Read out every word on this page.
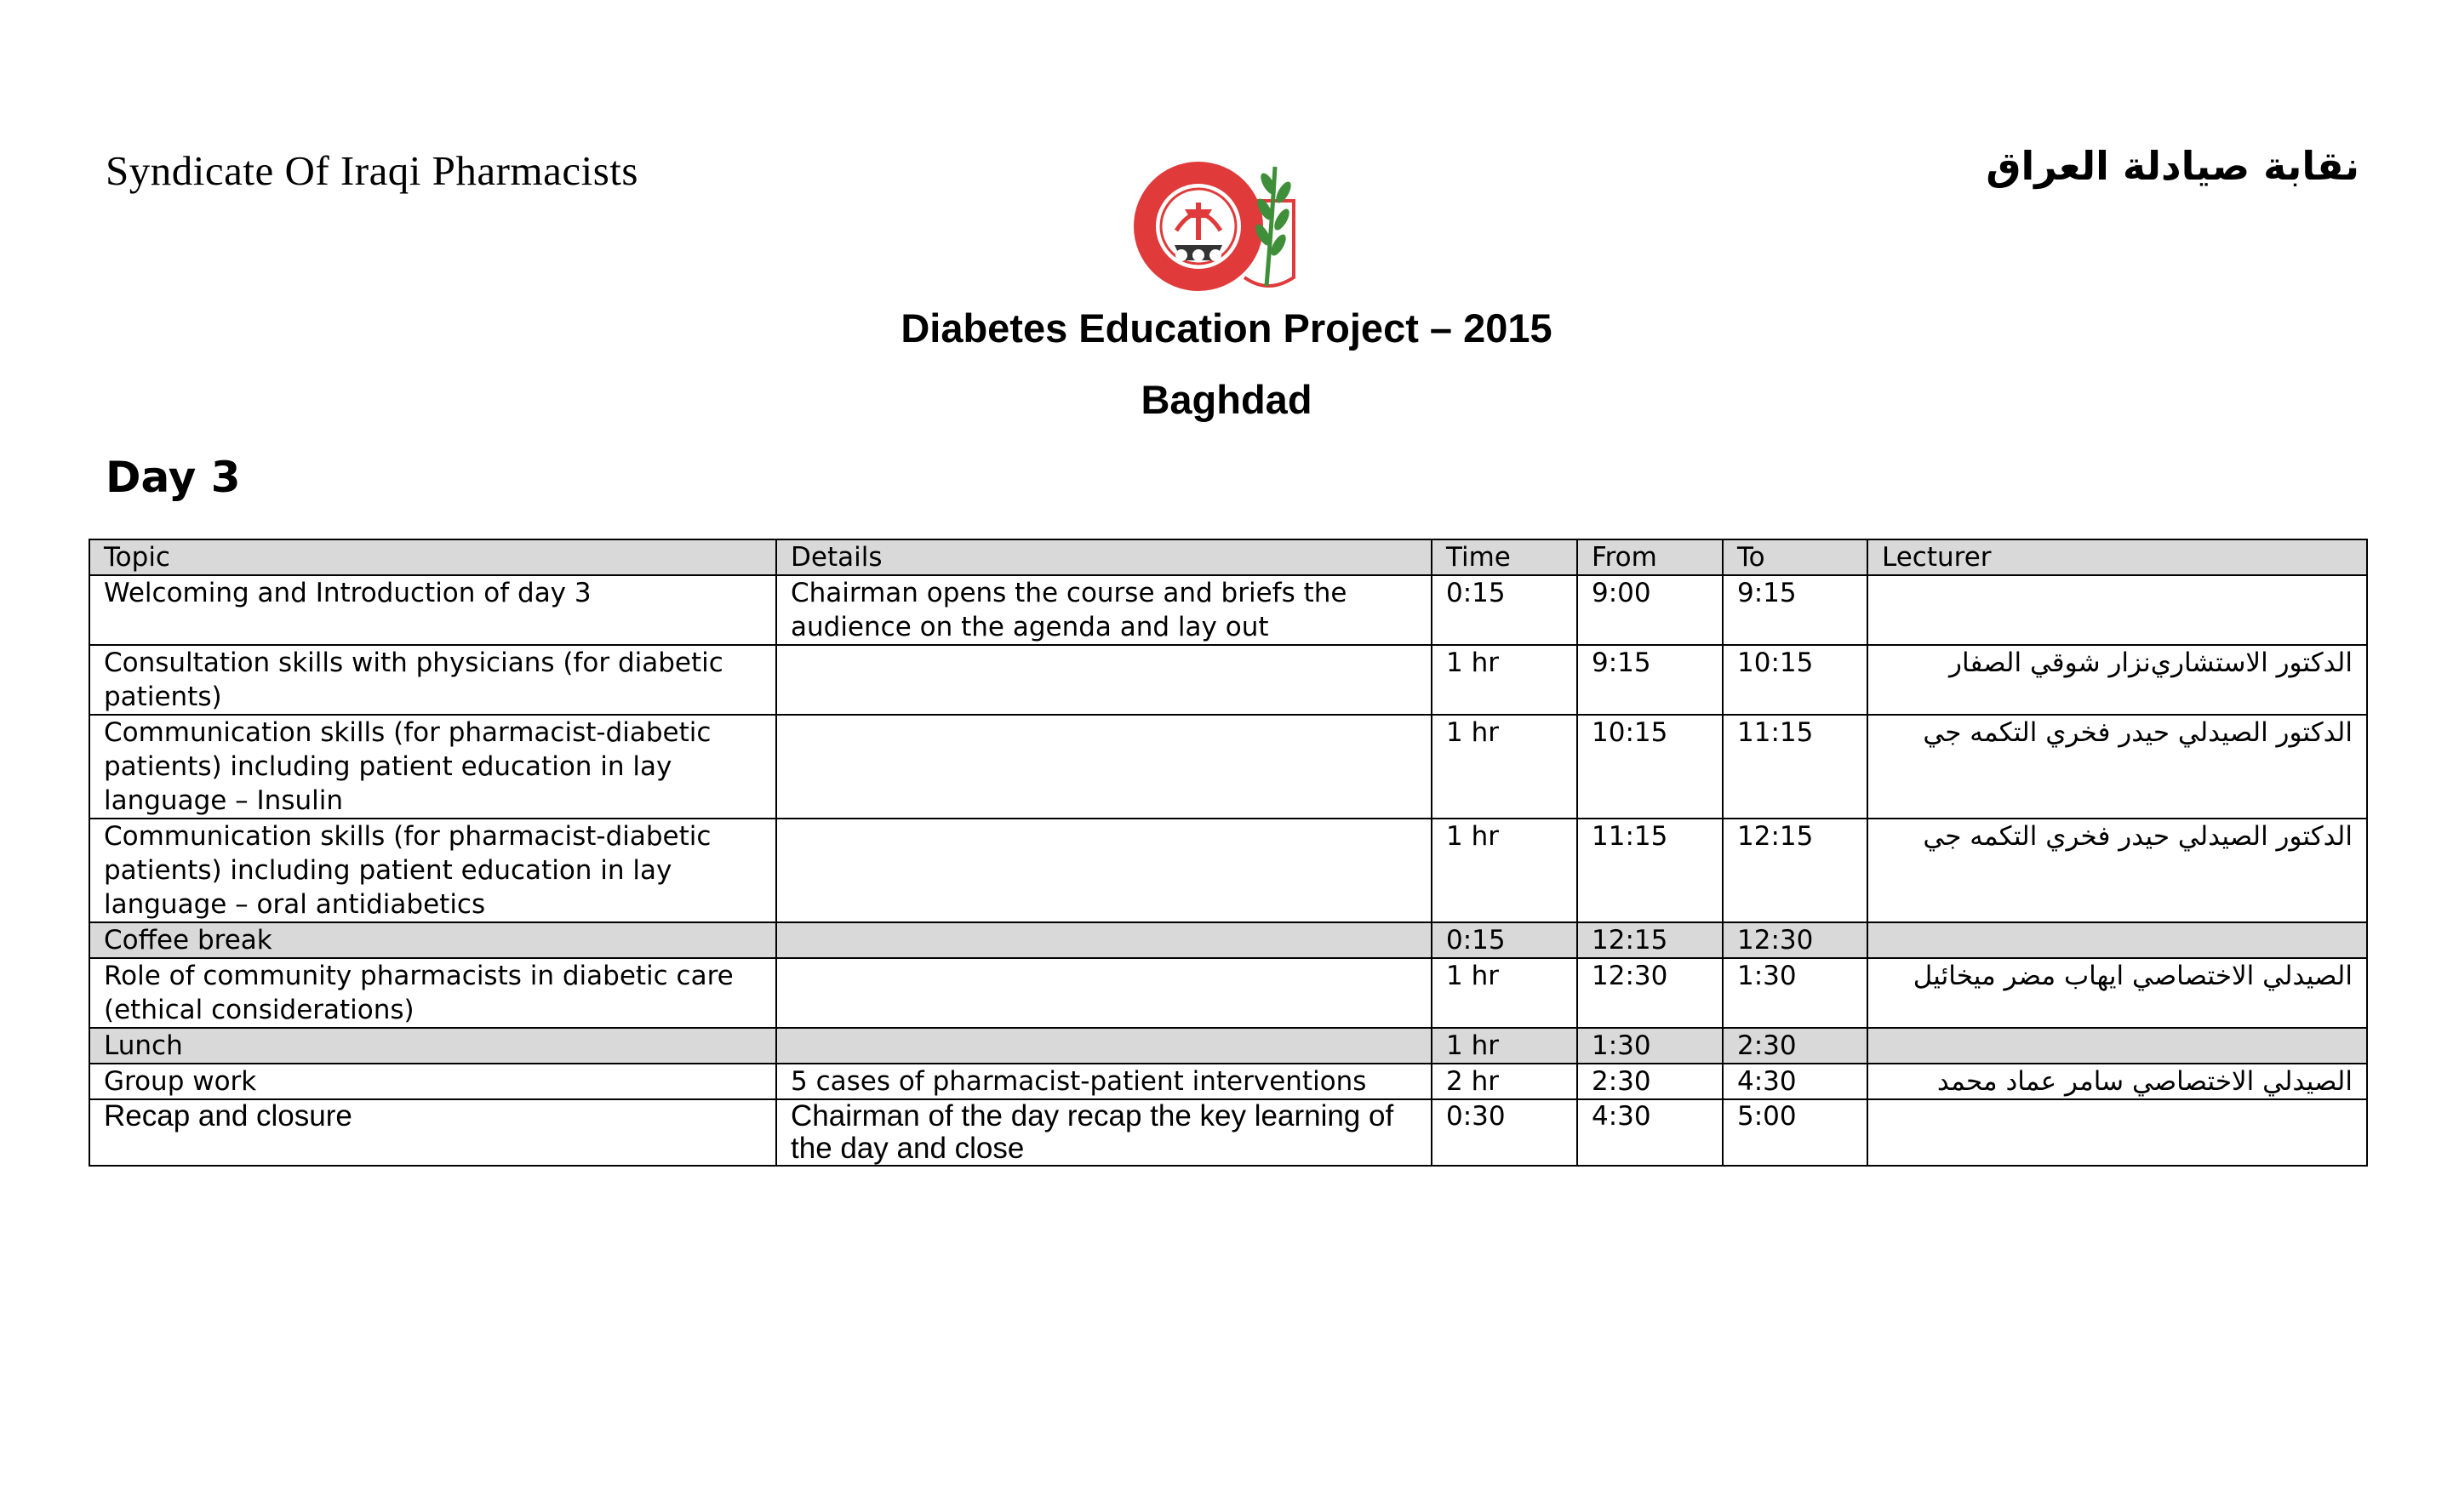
Syndicate Of Iraqi Pharmacists	نقابة صيادلة العراق
Diabetes Education Project – 2015
Baghdad
Day 3
Topic	Details	Time	From	To	Lecturer
Welcoming and Introduction of day 3	Chairman opens the course and briefs the audience on the agenda and lay out	0:15	9:00	9:15	
Consultation skills with physicians (for diabetic patients)		1 hr	9:15	10:15	الدكتور الاستشاري‌نزار شوقي الصفار
Communication skills (for pharmacist-diabetic patients) including patient education in lay language – Insulin		1 hr	10:15	11:15	الدكتور الصيدلي حيدر فخري التكمه جي
Communication skills (for pharmacist-diabetic patients) including patient education in lay language – oral antidiabetics		1 hr	11:15	12:15	الدكتور الصيدلي حيدر فخري التكمه جي
Coffee break		0:15	12:15	12:30	
Role of community pharmacists in diabetic care (ethical considerations)		1 hr	12:30	1:30	الصيدلي الاختصاصي ايهاب مضر ميخائيل
Lunch		1 hr	1:30	2:30	
Group work	5 cases of pharmacist-patient interventions	2 hr	2:30	4:30	الصيدلي الاختصاصي سامر عماد محمد
Recap and closure	Chairman of the day recap the key learning of the day and close	0:30	4:30	5:00	
